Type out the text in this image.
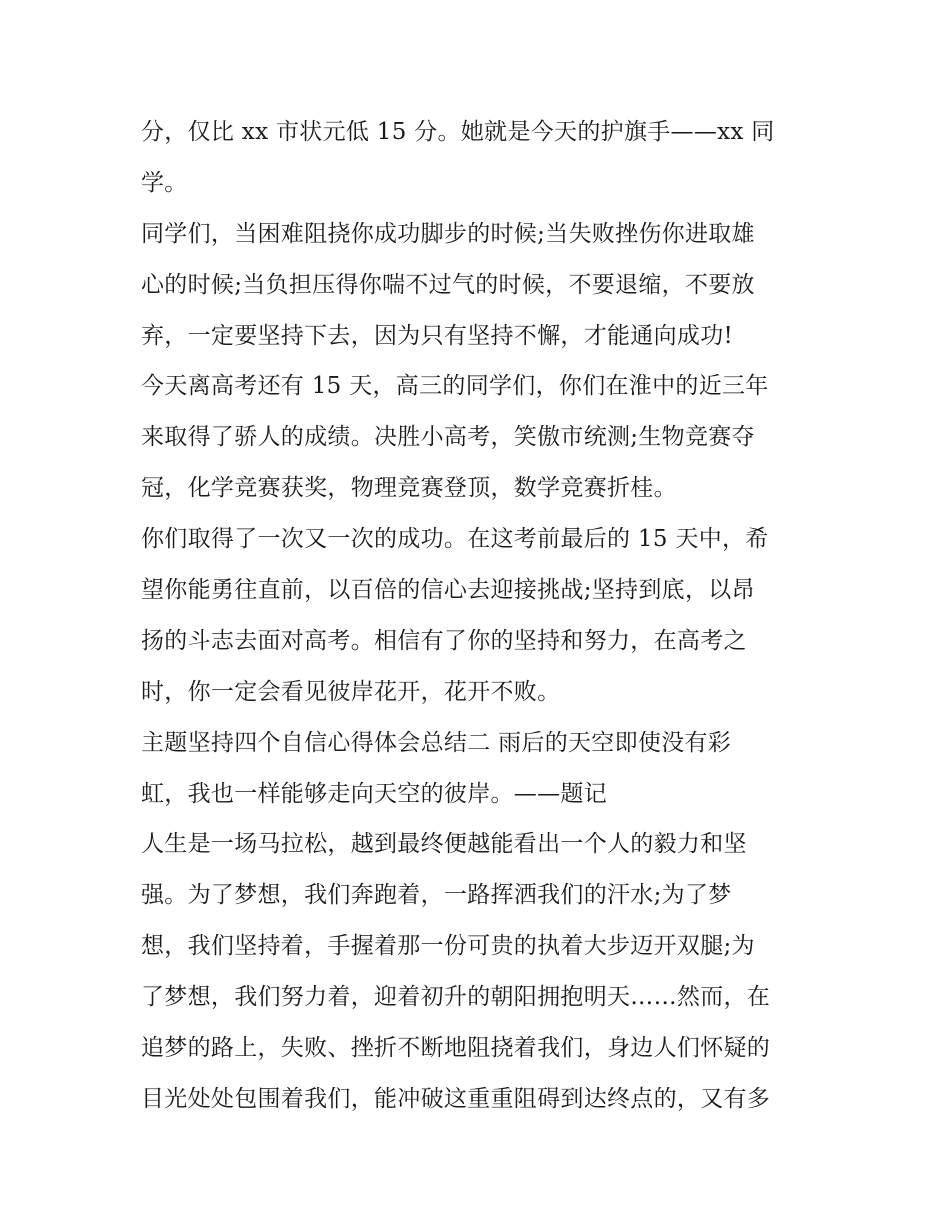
分，仅比 xx 市状元低 15 分。她就是今天的护旗手——xx 同
学。
同学们，当困难阻挠你成功脚步的时候;当失败挫伤你进取雄
心的时候;当负担压得你喘不过气的时候，不要退缩，不要放
弃，一定要坚持下去，因为只有坚持不懈，才能通向成功!
今天离高考还有 15 天，高三的同学们，你们在淮中的近三年
来取得了骄人的成绩。决胜小高考，笑傲市统测;生物竞赛夺
冠，化学竞赛获奖，物理竞赛登顶，数学竞赛折桂。
你们取得了一次又一次的成功。在这考前最后的 15 天中，希
望你能勇往直前，以百倍的信心去迎接挑战;坚持到底，以昂
扬的斗志去面对高考。相信有了你的坚持和努力，在高考之
时，你一定会看见彼岸花开，花开不败。
主题坚持四个自信心得体会总结二 雨后的天空即使没有彩
虹，我也一样能够走向天空的彼岸。——题记
人生是一场马拉松，越到最终便越能看出一个人的毅力和坚
强。为了梦想，我们奔跑着，一路挥洒我们的汗水;为了梦
想，我们坚持着，手握着那一份可贵的执着大步迈开双腿;为
了梦想，我们努力着，迎着初升的朝阳拥抱明天……然而，在
追梦的路上，失败、挫折不断地阻挠着我们，身边人们怀疑的
目光处处包围着我们，能冲破这重重阻碍到达终点的，又有多
